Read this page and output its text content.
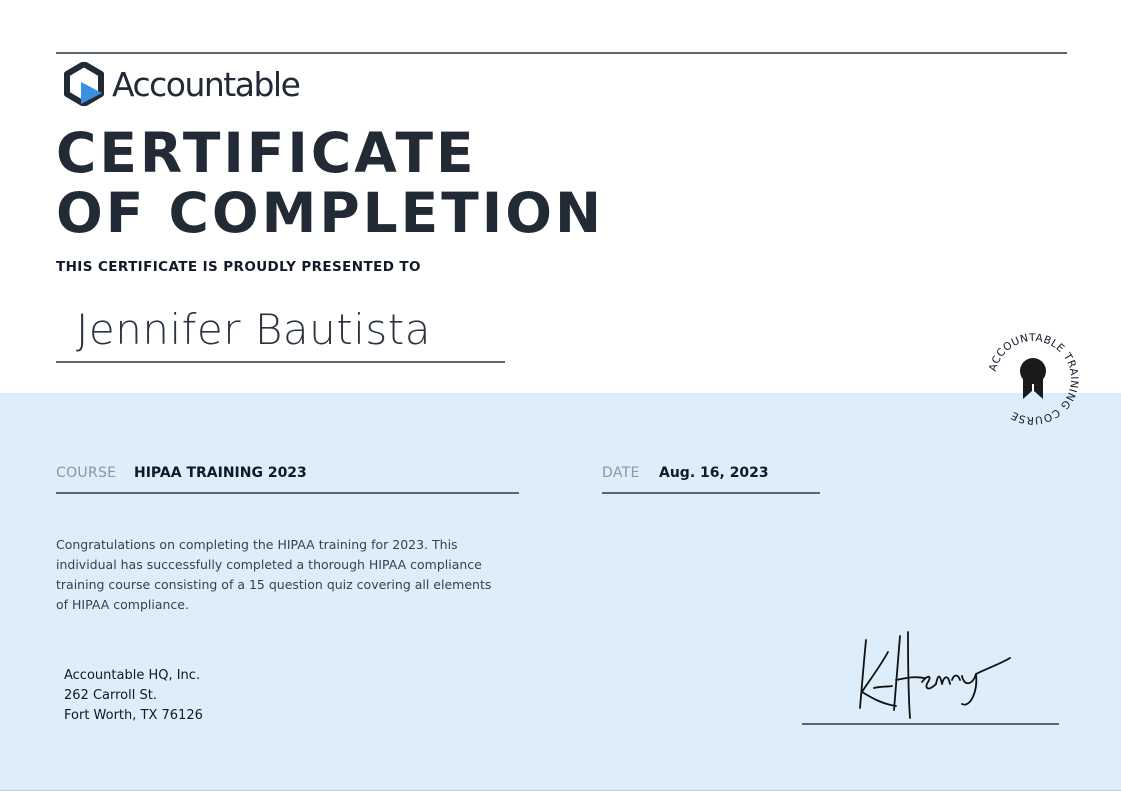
Accountable
CERTIFICATE
OF COMPLETION
THIS CERTIFICATE IS PROUDLY PRESENTED TO
Jennifer Bautista
ACCOUNTABLE TRAINING COURSE
COURSE HIPAA TRAINING 2023	DATE Aug. 16, 2023
Congratulations on completing the HIPAA training for 2023. This individual has successfully completed a thorough HIPAA compliance training course consisting of a 15 question quiz covering all elements of HIPAA compliance.
Accountable HQ, Inc.
262 Carroll St.
Fort Worth, TX 76126
